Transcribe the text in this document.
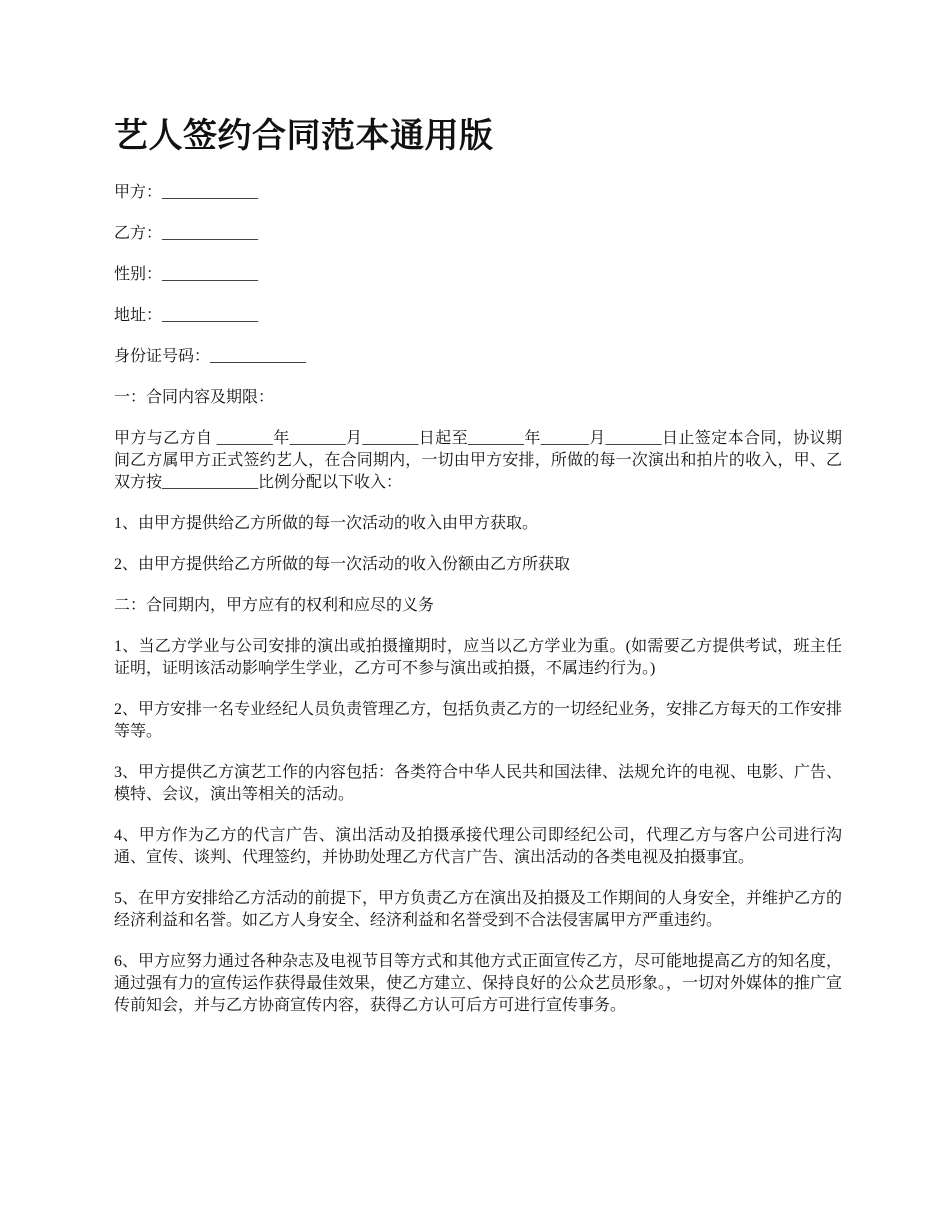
艺人签约合同范本通用版

甲方：____________

乙方：____________

性别：____________

地址：____________

身份证号码：____________

一：合同内容及期限：

甲方与乙方自 _______年_______月_______日起至_______年______月_______日止签定本合同，协议期间乙方属甲方正式签约艺人，在合同期内，一切由甲方安排，所做的每一次演出和拍片的收入，甲、乙双方按____________比例分配以下收入：

1、由甲方提供给乙方所做的每一次活动的收入由甲方获取。

2、由甲方提供给乙方所做的每一次活动的收入份额由乙方所获取

二：合同期内，甲方应有的权利和应尽的义务

1、当乙方学业与公司安排的演出或拍摄撞期时，应当以乙方学业为重。(如需要乙方提供考试，班主任证明，证明该活动影响学生学业，乙方可不参与演出或拍摄，不属违约行为。)

2、甲方安排一名专业经纪人员负责管理乙方，包括负责乙方的一切经纪业务，安排乙方每天的工作安排等等。

3、甲方提供乙方演艺工作的内容包括：各类符合中华人民共和国法律、法规允许的电视、电影、广告、模特、会议，演出等相关的活动。

4、甲方作为乙方的代言广告、演出活动及拍摄承接代理公司即经纪公司，代理乙方与客户公司进行沟通、宣传、谈判、代理签约，并协助处理乙方代言广告、演出活动的各类电视及拍摄事宜。

5、在甲方安排给乙方活动的前提下，甲方负责乙方在演出及拍摄及工作期间的人身安全，并维护乙方的经济利益和名誉。如乙方人身安全、经济利益和名誉受到不合法侵害属甲方严重违约。

6、甲方应努力通过各种杂志及电视节目等方式和其他方式正面宣传乙方，尽可能地提高乙方的知名度，通过强有力的宣传运作获得最佳效果，使乙方建立、保持良好的公众艺员形象。，一切对外媒体的推广宣传前知会，并与乙方协商宣传内容，获得乙方认可后方可进行宣传事务。
